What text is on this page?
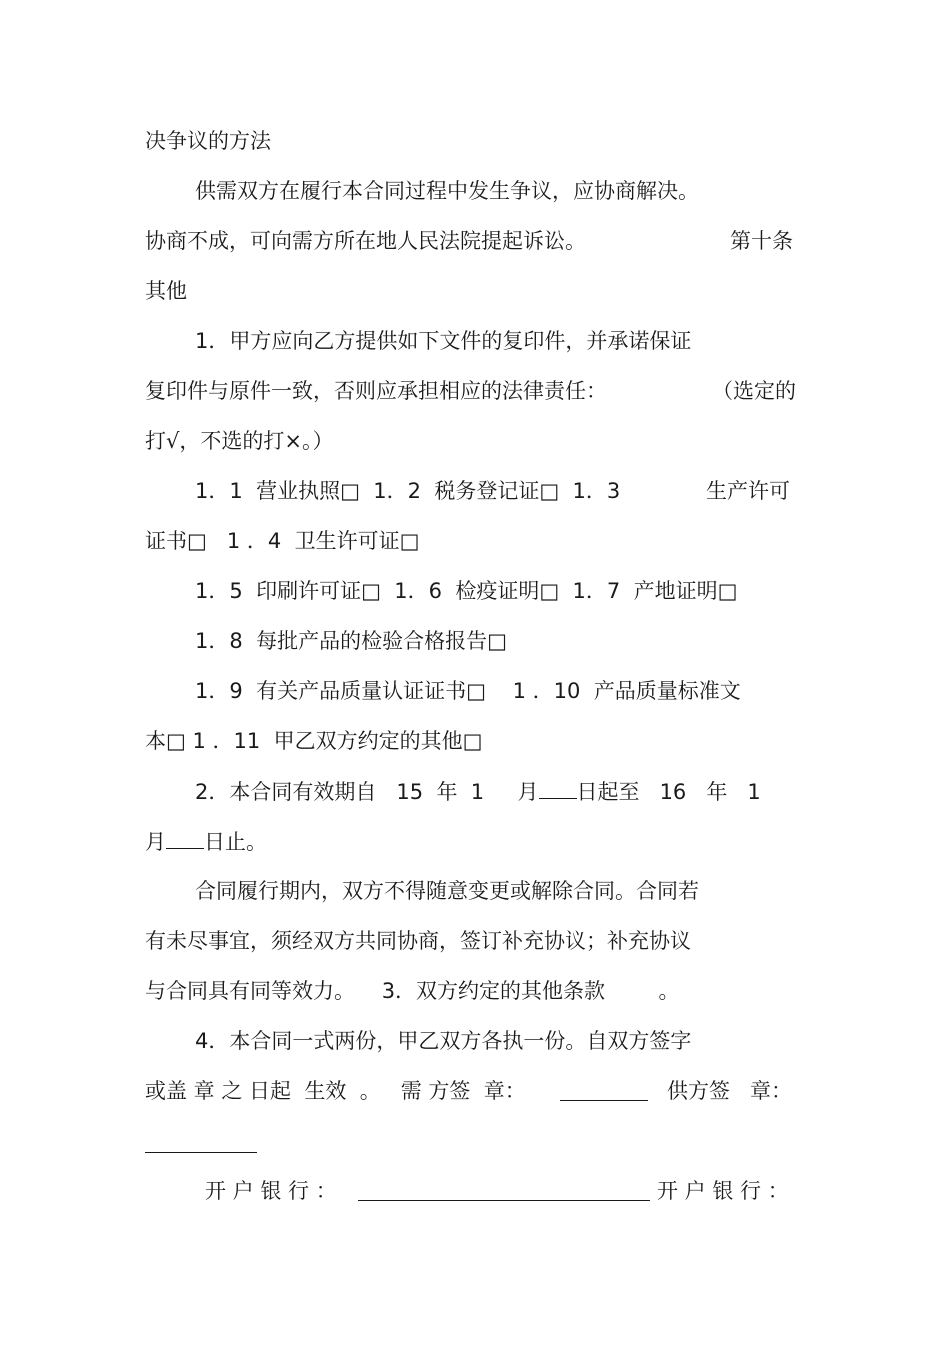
决争议的方法

供需双方在履行本合同过程中发生争议，应协商解决。

协商不成，可向需方所在地人民法院提起诉讼。	第十条

其他

1．甲方应向乙方提供如下文件的复印件，并承诺保证

复印件与原件一致，否则应承担相应的法律责任：	（选定的

打√，不选的打×。）

1．1  营业执照□  1．2  税务登记证□  1．3	生产许可

证书□   1 ．4  卫生许可证□

1．5  印刷许可证□  1．6  检疫证明□  1．7  产地证明□

1．8  每批产品的检验合格报告□

1．9  有关产品质量认证证书□    1 ．10  产品质量标准文

本□ 1 ．11  甲乙双方约定的其他□

2．本合同有效期自   15  年  1     月 日起至   16   年   1

月 日止。

合同履行期内，双方不得随意变更或解除合同。合同若

有未尽事宜，须经双方共同协商，签订补充协议；补充协议

与合同具有同等效力。    3．双方约定的其他条款        。

4．本合同一式两份，甲乙双方各执一份。自双方签字

或盖 章 之 日起  生效  。   需 方签  章：	供方签   章：

开 户 银 行 ：	开 户 银 行 ：
